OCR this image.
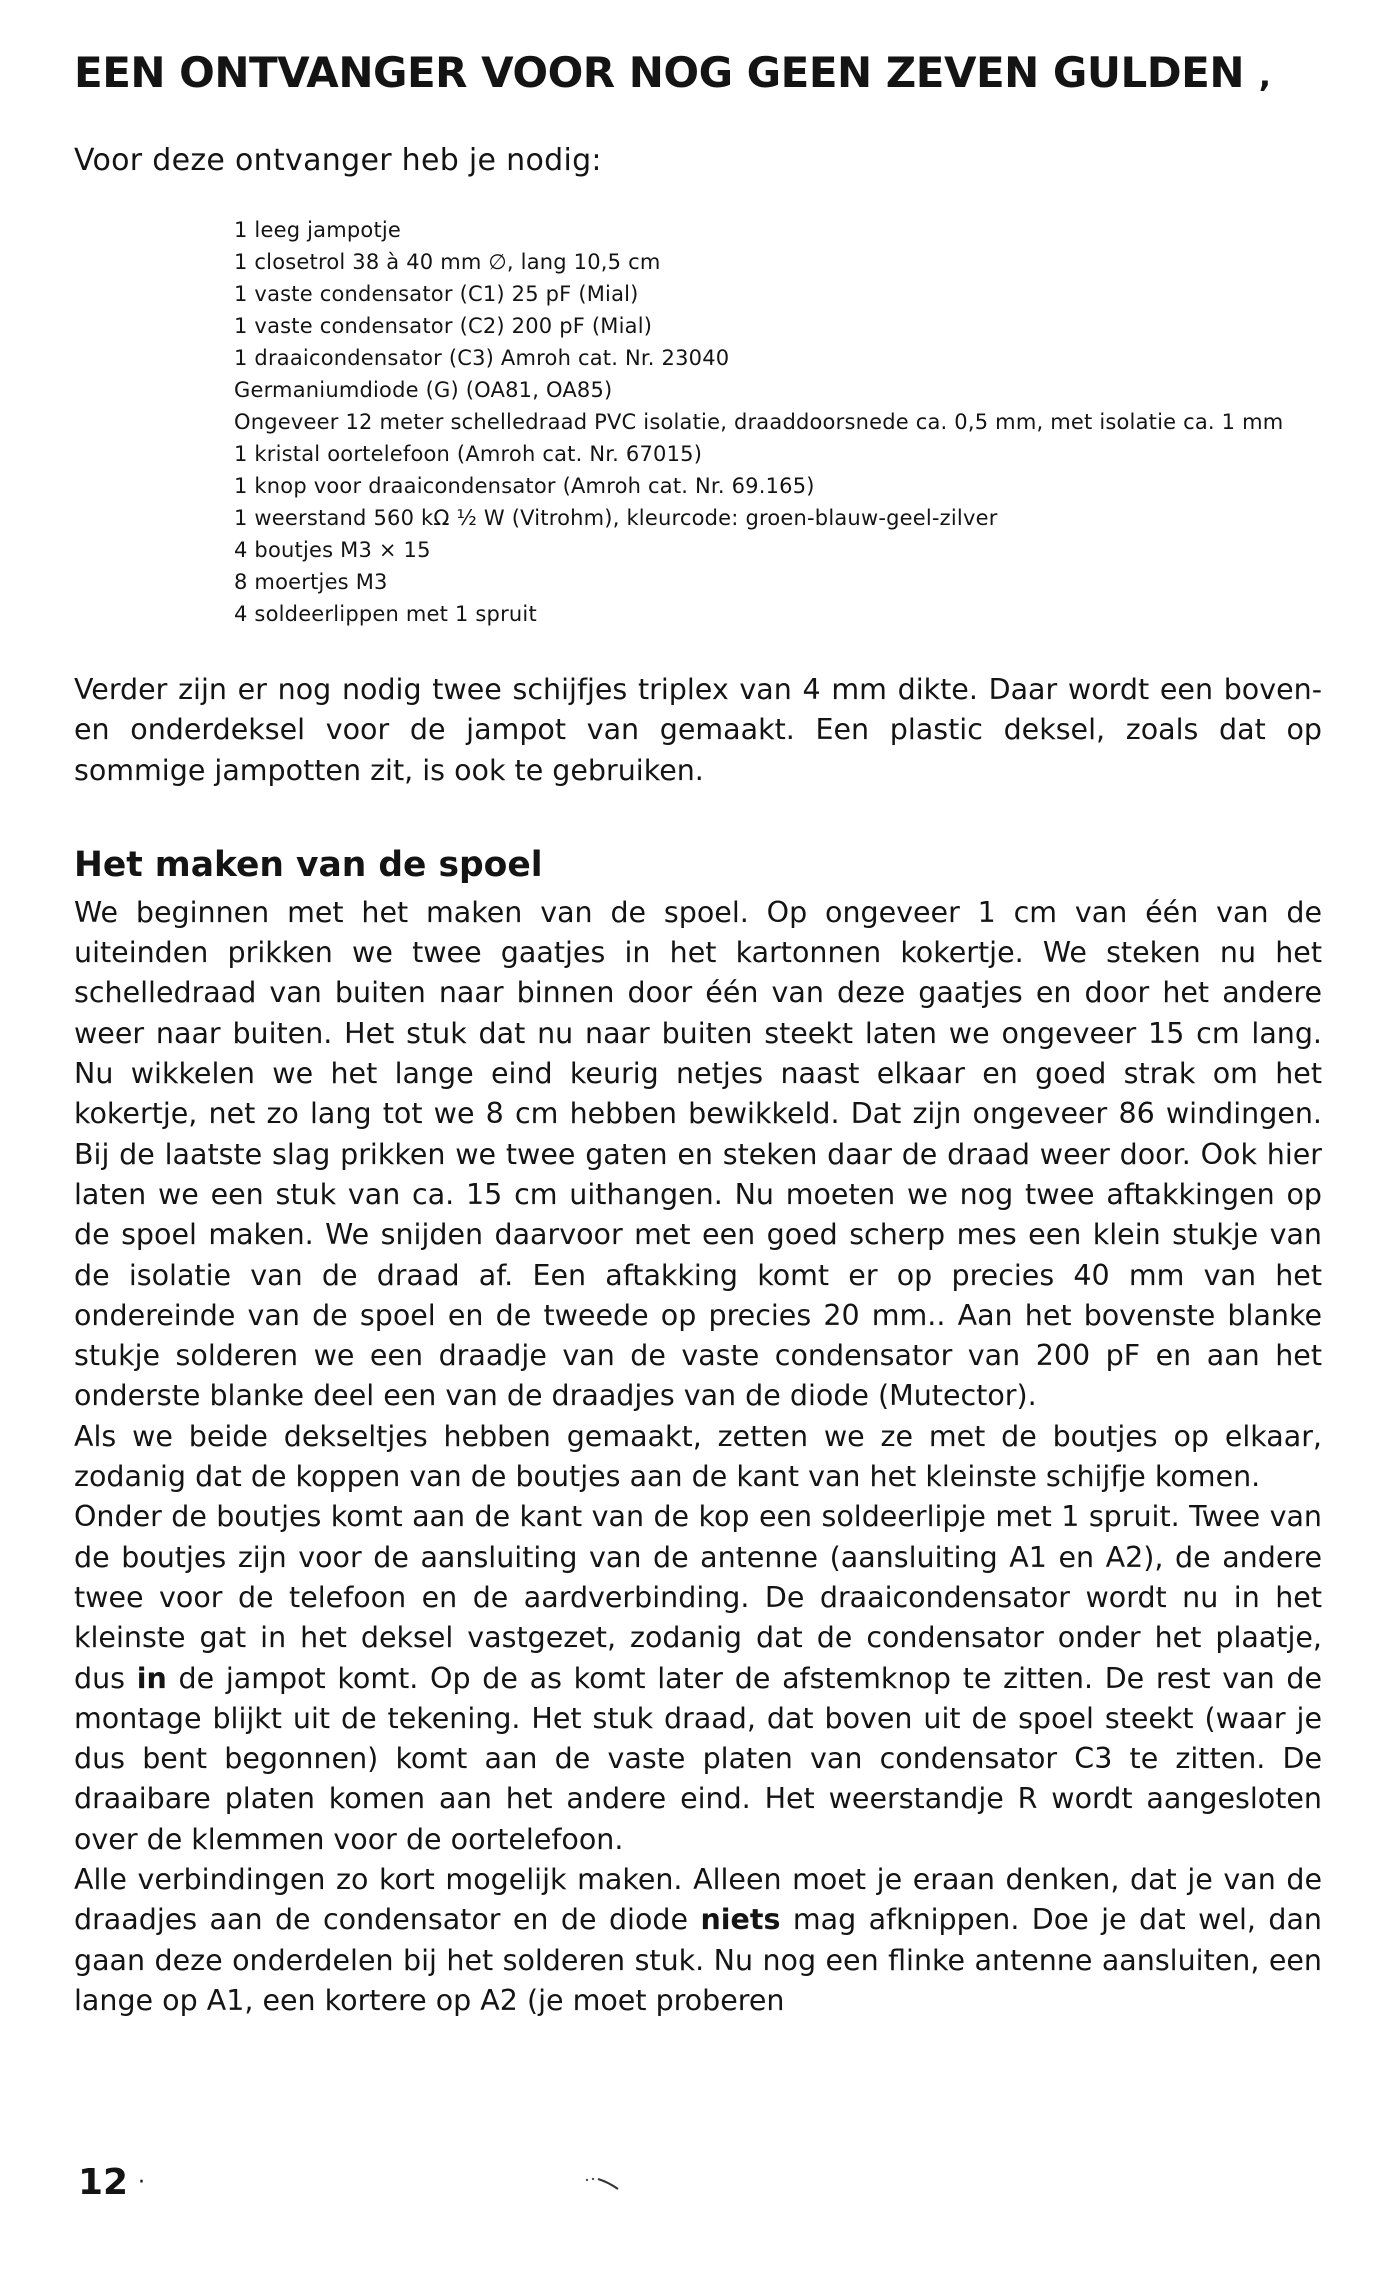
EEN ONTVANGER VOOR NOG GEEN ZEVEN GULDEN ‚

Voor deze ontvanger heb je nodig:

1 leeg jampotje
1 closetrol 38 à 40 mm ∅, lang 10,5 cm
1 vaste condensator (C1) 25 pF (Mial)
1 vaste condensator (C2) 200 pF (Mial)
1 draaicondensator (C3) Amroh cat. Nr. 23040
Germaniumdiode (G) (OA81, OA85)
Ongeveer 12 meter schelledraad PVC isolatie, draaddoorsnede ca. 0,5 mm, met isolatie ca. 1 mm
1 kristal oortelefoon (Amroh cat. Nr. 67015)
1 knop voor draaicondensator (Amroh cat. Nr. 69.165)
1 weerstand 560 kΩ ½ W (Vitrohm), kleurcode: groen-blauw-geel-zilver
4 boutjes M3 × 15
8 moertjes M3
4 soldeerlippen met 1 spruit

Verder zijn er nog nodig twee schijfjes triplex van 4 mm dikte. Daar wordt een boven- en onderdeksel voor de jampot van gemaakt. Een plastic deksel, zoals dat op sommige jampotten zit, is ook te gebruiken.

Het maken van de spoel

We beginnen met het maken van de spoel. Op ongeveer 1 cm van één van de uiteinden prikken we twee gaatjes in het kartonnen kokertje. We steken nu het schelledraad van buiten naar binnen door één van deze gaatjes en door het andere weer naar buiten. Het stuk dat nu naar buiten steekt laten we ongeveer 15 cm lang. Nu wikkelen we het lange eind keurig netjes naast elkaar en goed strak om het kokertje, net zo lang tot we 8 cm hebben bewikkeld. Dat zijn ongeveer 86 windingen. Bij de laatste slag prikken we twee gaten en steken daar de draad weer door. Ook hier laten we een stuk van ca. 15 cm uithangen. Nu moeten we nog twee aftakkingen op de spoel maken. We snijden daarvoor met een goed scherp mes een klein stukje van de isolatie van de draad af. Een aftakking komt er op precies 40 mm van het ondereinde van de spoel en de tweede op precies 20 mm.. Aan het bovenste blanke stukje solderen we een draadje van de vaste condensator van 200 pF en aan het onderste blanke deel een van de draadjes van de diode (Mutector).

Als we beide dekseltjes hebben gemaakt, zetten we ze met de boutjes op elkaar, zodanig dat de koppen van de boutjes aan de kant van het kleinste schijfje komen.

Onder de boutjes komt aan de kant van de kop een soldeerlipje met 1 spruit. Twee van de boutjes zijn voor de aansluiting van de antenne (aansluiting A1 en A2), de andere twee voor de telefoon en de aardverbinding. De draaicondensator wordt nu in het kleinste gat in het deksel vastgezet, zodanig dat de condensator onder het plaatje, dus in de jampot komt. Op de as komt later de afstemknop te zitten. De rest van de montage blijkt uit de tekening. Het stuk draad, dat boven uit de spoel steekt (waar je dus bent begonnen) komt aan de vaste platen van condensator C3 te zitten. De draaibare platen komen aan het andere eind. Het weerstandje R wordt aangesloten over de klemmen voor de oortelefoon.

Alle verbindingen zo kort mogelijk maken. Alleen moet je eraan denken, dat je van de draadjes aan de condensator en de diode niets mag afknippen. Doe je dat wel, dan gaan deze onderdelen bij het solderen stuk. Nu nog een flinke antenne aansluiten, een lange op A1, een kortere op A2 (je moet proberen

12 ·
